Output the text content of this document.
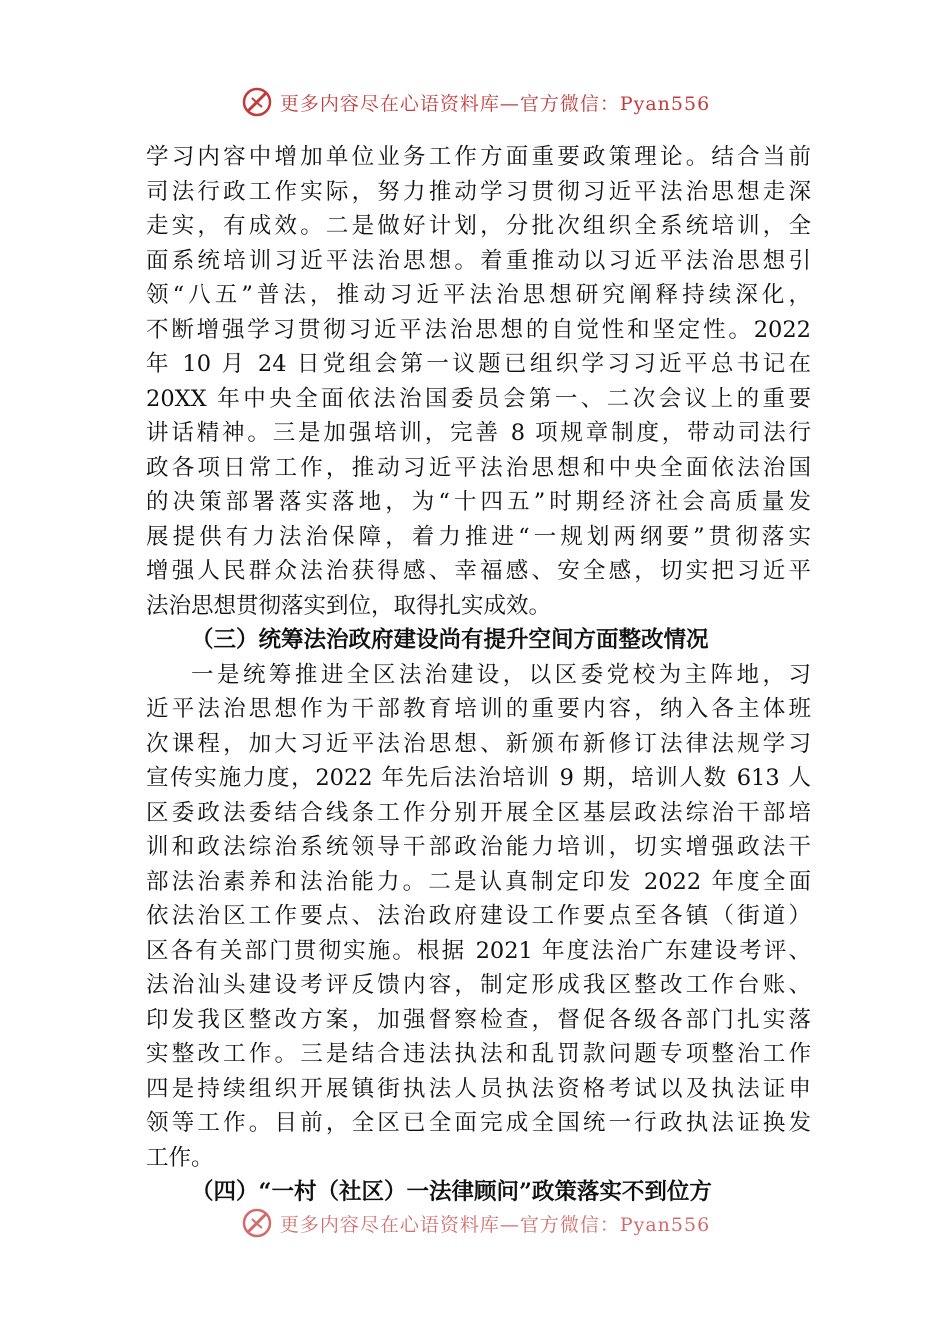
更多内容尽在心语资料库—官方微信：Pyan556
学习内容中增加单位业务工作方面重要政策理论。结合当前
司法行政工作实际，努力推动学习贯彻习近平法治思想走深
走实，有成效。二是做好计划，分批次组织全系统培训，全
面系统培训习近平法治思想。着重推动以习近平法治思想引
领“八五”普法，推动习近平法治思想研究阐释持续深化，
不断增强学习贯彻习近平法治思想的自觉性和坚定性。2022
年 10 月 24 日党组会第一议题已组织学习习近平总书记在
20XX 年中央全面依法治国委员会第一、二次会议上的重要
讲话精神。三是加强培训，完善 8 项规章制度，带动司法行
政各项日常工作，推动习近平法治思想和中央全面依法治国
的决策部署落实落地，为“十四五”时期经济社会高质量发
展提供有力法治保障，着力推进“一规划两纲要”贯彻落实
增强人民群众法治获得感、幸福感、安全感，切实把习近平
法治思想贯彻落实到位，取得扎实成效。
（三）统筹法治政府建设尚有提升空间方面整改情况
一是统筹推进全区法治建设，以区委党校为主阵地，习
近平法治思想作为干部教育培训的重要内容，纳入各主体班
次课程，加大习近平法治思想、新颁布新修订法律法规学习
宣传实施力度，2022 年先后法治培训 9 期，培训人数 613 人
区委政法委结合线条工作分别开展全区基层政法综治干部培
训和政法综治系统领导干部政治能力培训，切实增强政法干
部法治素养和法治能力。二是认真制定印发 2022 年度全面
依法治区工作要点、法治政府建设工作要点至各镇（街道）
区各有关部门贯彻实施。根据 2021 年度法治广东建设考评、
法治汕头建设考评反馈内容，制定形成我区整改工作台账、
印发我区整改方案，加强督察检查，督促各级各部门扎实落
实整改工作。三是结合违法执法和乱罚款问题专项整治工作
四是持续组织开展镇街执法人员执法资格考试以及执法证申
领等工作。目前，全区已全面完成全国统一行政执法证换发
工作。
（四）“一村（社区）一法律顾问”政策落实不到位方
更多内容尽在心语资料库—官方微信：Pyan556
